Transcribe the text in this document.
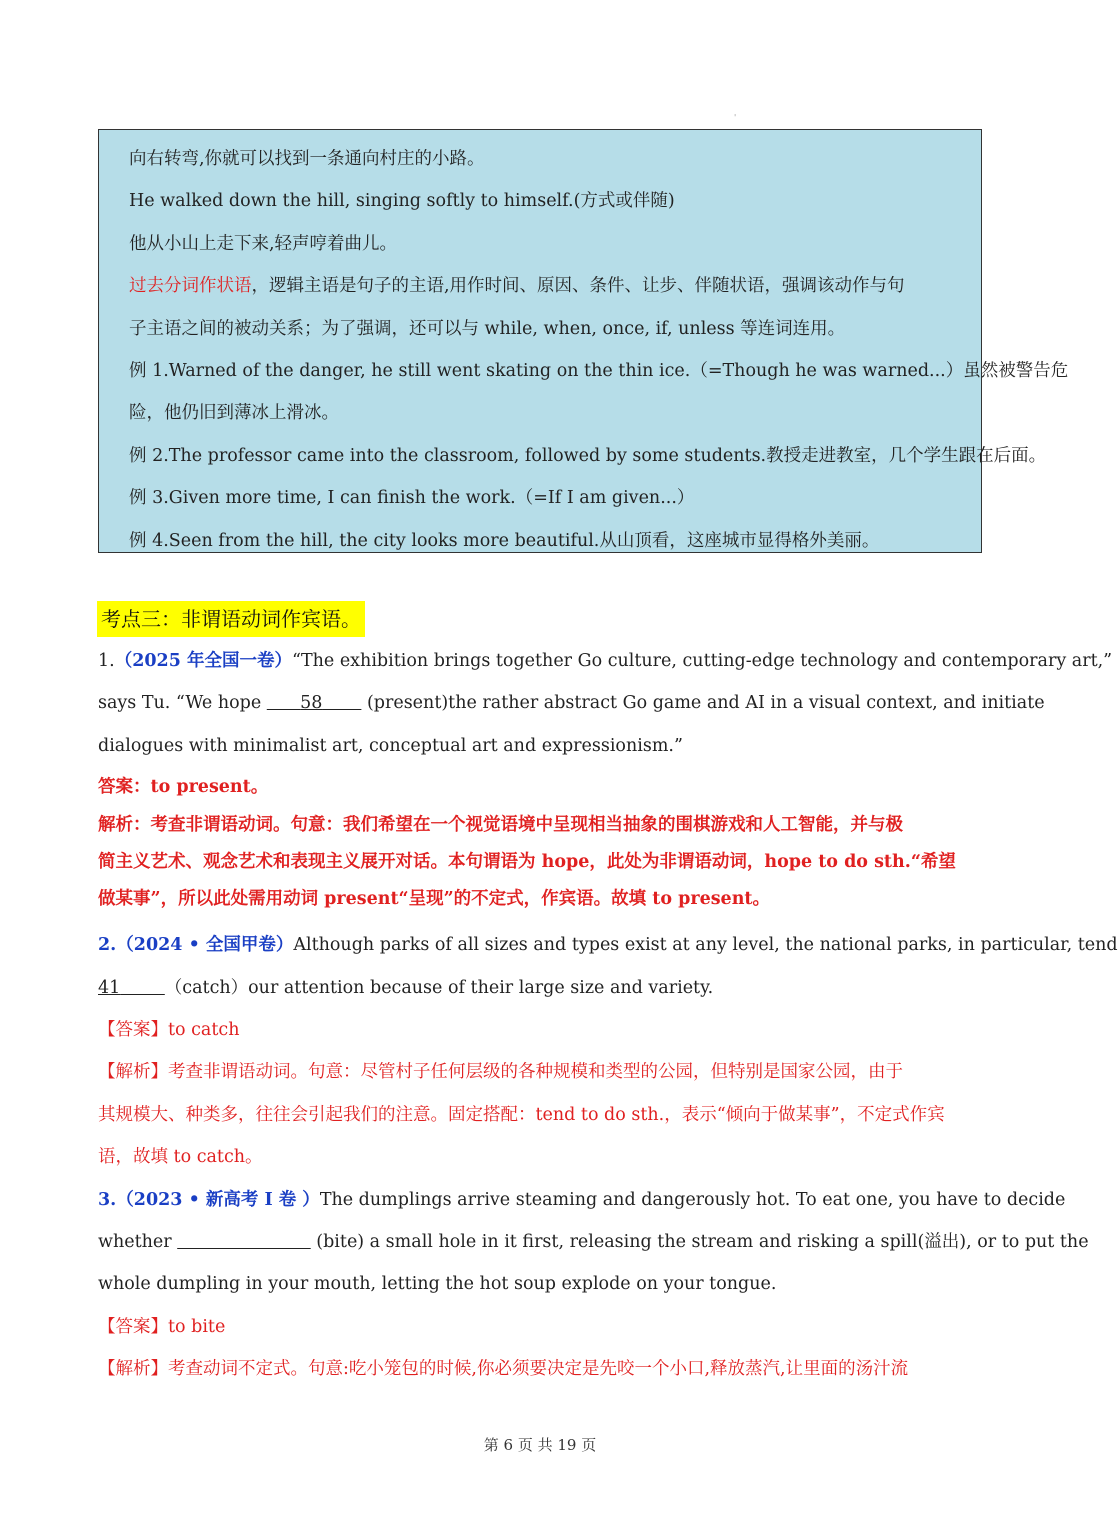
'

向右转弯,你就可以找到一条通向村庄的小路。

He walked down the hill, singing softly to himself.(方式或伴随)

他从小山上走下来,轻声哼着曲儿。

过去分词作状语，逻辑主语是句子的主语,用作时间、原因、条件、让步、伴随状语，强调该动作与句

子主语之间的被动关系；为了强调，还可以与 while, when, once, if, unless 等连词连用。

例 1.Warned of the danger, he still went skating on the thin ice.（=Though he was warned...）虽然被警告危

险，他仍旧到薄冰上滑冰。

例 2.The professor came into the classroom, followed by some students.教授走进教室，几个学生跟在后面。

例 3.Given more time, I can finish the work.（=If I am given...）

例 4.Seen from the hill, the city looks more beautiful.从山顶看，这座城市显得格外美丽。

考点三：非谓语动词作宾语。

1.（2025 年全国一卷）“The exhibition brings together Go culture, cutting-edge technology and contemporary art,”

says Tu. “We hope       58        (present)the rather abstract Go game and AI in a visual context, and initiate

dialogues with minimalist art, conceptual art and expressionism.”

答案：to present。

解析：考查非谓语动词。句意：我们希望在一个视觉语境中呈现相当抽象的围棋游戏和人工智能，并与极

简主义艺术、观念艺术和表现主义展开对话。本句谓语为 hope，此处为非谓语动词，hope to do sth.“希望

做某事”，所以此处需用动词 present“呈现”的不定式，作宾语。故填 to present。

2.（2024 • 全国甲卷）Although parks of all sizes and types exist at any level, the national parks, in particular, tend

41	（catch）our attention because of their large size and variety.

【答案】to catch

【解析】考查非谓语动词。句意：尽管村子任何层级的各种规模和类型的公园，但特别是国家公园，由于

其规模大、种类多，往往会引起我们的注意。固定搭配：tend to do sth.，表示“倾向于做某事”，不定式作宾

语，故填 to catch。

3.（2023 • 新高考 Ⅰ 卷 ）The dumplings arrive steaming and dangerously hot. To eat one, you have to decide

whether	(bite) a small hole in it first, releasing the stream and risking a spill(溢出), or to put the

whole dumpling in your mouth, letting the hot soup explode on your tongue.

【答案】to bite

【解析】考查动词不定式。句意:吃小笼包的时候,你必须要决定是先咬一个小口,释放蒸汽,让里面的汤汁流

第 6 页 共 19 页
